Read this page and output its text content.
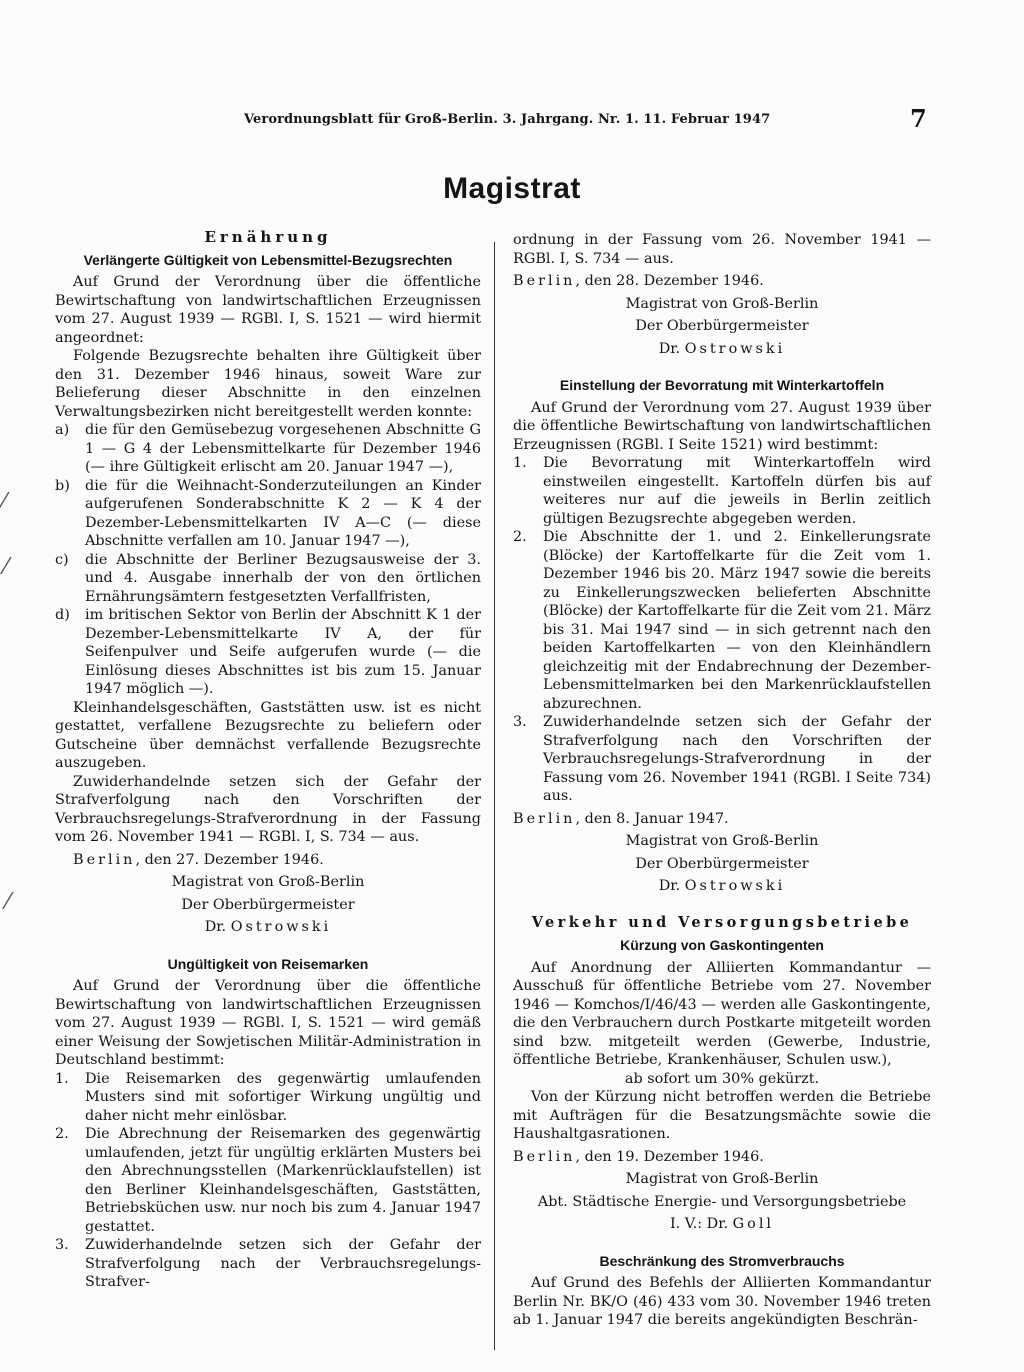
Verordnungsblatt für Groß-Berlin. 3. Jahrgang. Nr. 1. 11. Februar 1947	7
Magistrat
Ernährung
Verlängerte Gültigkeit von Lebensmittel-Bezugsrechten

Auf Grund der Verordnung über die öffentliche Bewirtschaftung von landwirtschaftlichen Erzeugnissen vom 27. August 1939 — RGBl. I, S. 1521 — wird hiermit angeordnet:

Folgende Bezugsrechte behalten ihre Gültigkeit über den 31. Dezember 1946 hinaus, soweit Ware zur Belieferung dieser Abschnitte in den einzelnen Verwaltungsbezirken nicht bereitgestellt werden konnte:

a)	die für den Gemüsebezug vorgesehenen Abschnitte G 1 — G 4 der Lebensmittelkarte für Dezember 1946 (— ihre Gültigkeit erlischt am 20. Januar 1947 —),
b)	die für die Weihnacht-Sonderzuteilungen an Kinder aufgerufenen Sonderabschnitte K 2 — K 4 der Dezember-Lebensmittelkarten IV A—C (— diese Abschnitte verfallen am 10. Januar 1947 —),
c)	die Abschnitte der Berliner Bezugsausweise der 3. und 4. Ausgabe innerhalb der von den örtlichen Ernährungsämtern festgesetzten Verfallfristen,
d)	im britischen Sektor von Berlin der Abschnitt K 1 der Dezember-Lebensmittelkarte IV A, der für Seifenpulver und Seife aufgerufen wurde (— die Einlösung dieses Abschnittes ist bis zum 15. Januar 1947 möglich —).

Kleinhandelsgeschäften, Gaststätten usw. ist es nicht gestattet, verfallene Bezugsrechte zu beliefern oder Gutscheine über demnächst verfallende Bezugsrechte auszugeben.

Zuwiderhandelnde setzen sich der Gefahr der Strafverfolgung nach den Vorschriften der Verbrauchsregelungs-Strafverordnung in der Fassung vom 26. November 1941 — RGBl. I, S. 734 — aus.

Berlin, den 27. Dezember 1946.

Magistrat von Groß-Berlin
Der Oberbürgermeister
Dr. Ostrowski
Ungültigkeit von Reisemarken

Auf Grund der Verordnung über die öffentliche Bewirtschaftung von landwirtschaftlichen Erzeugnissen vom 27. August 1939 — RGBl. I, S. 1521 — wird gemäß einer Weisung der Sowjetischen Militär-Administration in Deutschland bestimmt:

1.	Die Reisemarken des gegenwärtig umlaufenden Musters sind mit sofortiger Wirkung ungültig und daher nicht mehr einlösbar.
2.	Die Abrechnung der Reisemarken des gegenwärtig umlaufenden, jetzt für ungültig erklärten Musters bei den Abrechnungsstellen (Markenrücklaufstellen) ist den Berliner Kleinhandelsgeschäften, Gaststätten, Betriebsküchen usw. nur noch bis zum 4. Januar 1947 gestattet.
3.	Zuwiderhandelnde setzen sich der Gefahr der Strafverfolgung nach der Verbrauchsregelungs-Strafver-

ordnung in der Fassung vom 26. November 1941 — RGBl. I, S. 734 — aus.

Berlin, den 28. Dezember 1946.

Magistrat von Groß-Berlin
Der Oberbürgermeister
Dr. Ostrowski
Einstellung der Bevorratung mit Winterkartoffeln

Auf Grund der Verordnung vom 27. August 1939 über die öffentliche Bewirtschaftung von landwirtschaftlichen Erzeugnissen (RGBl. I Seite 1521) wird bestimmt:

1.	Die Bevorratung mit Winterkartoffeln wird einstweilen eingestellt. Kartoffeln dürfen bis auf weiteres nur auf die jeweils in Berlin zeitlich gültigen Bezugsrechte abgegeben werden.
2.	Die Abschnitte der 1. und 2. Einkellerungsrate (Blöcke) der Kartoffelkarte für die Zeit vom 1. Dezember 1946 bis 20. März 1947 sowie die bereits zu Einkellerungszwecken belieferten Abschnitte (Blöcke) der Kartoffelkarte für die Zeit vom 21. März bis 31. Mai 1947 sind — in sich getrennt nach den beiden Kartoffelkarten — von den Kleinhändlern gleichzeitig mit der Endabrechnung der Dezember-Lebensmittelmarken bei den Markenrücklaufstellen abzurechnen.
3.	Zuwiderhandelnde setzen sich der Gefahr der Strafverfolgung nach den Vorschriften der Verbrauchsregelungs-Strafverordnung in der Fassung vom 26. November 1941 (RGBl. I Seite 734) aus.

Berlin, den 8. Januar 1947.

Magistrat von Groß-Berlin
Der Oberbürgermeister
Dr. Ostrowski
Verkehr und Versorgungsbetriebe
Kürzung von Gaskontingenten

Auf Anordnung der Alliierten Kommandantur — Ausschuß für öffentliche Betriebe vom 27. November 1946 — Komchos/I/46/43 — werden alle Gaskontingente, die den Verbrauchern durch Postkarte mitgeteilt worden sind bzw. mitgeteilt werden (Gewerbe, Industrie, öffentliche Betriebe, Krankenhäuser, Schulen usw.),

ab sofort um 30% gekürzt.

Von der Kürzung nicht betroffen werden die Betriebe mit Aufträgen für die Besatzungsmächte sowie die Haushaltgasrationen.

Berlin, den 19. Dezember 1946.

Magistrat von Groß-Berlin
Abt. Städtische Energie- und Versorgungsbetriebe
I. V.: Dr. Goll
Beschränkung des Stromverbrauchs

Auf Grund des Befehls der Alliierten Kommandantur Berlin Nr. BK/O (46) 433 vom 30. November 1946 treten ab 1. Januar 1947 die bereits angekündigten Beschrän-

⁄
⁄
⁄
